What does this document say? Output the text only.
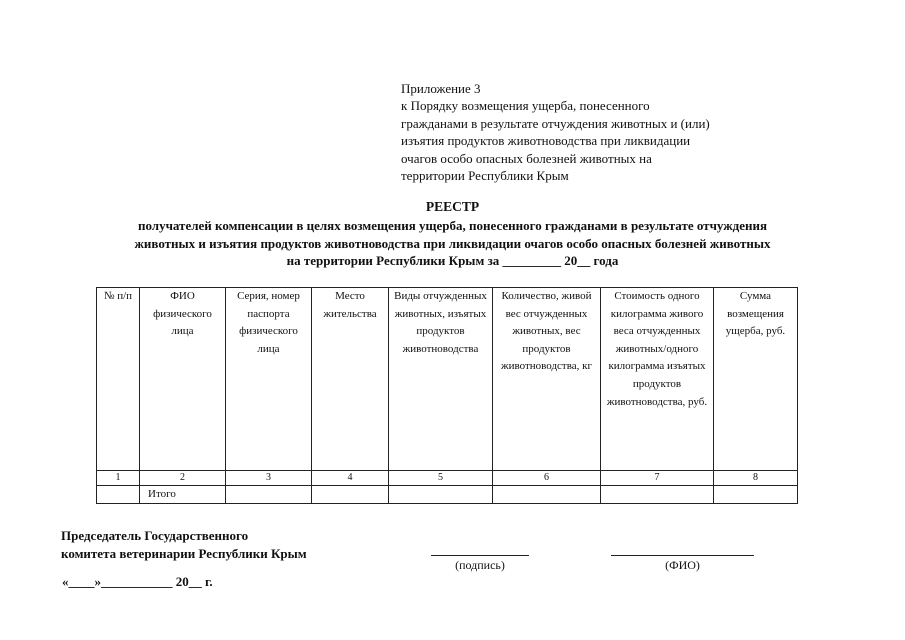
Приложение 3
к Порядку возмещения ущерба, понесенного
гражданами в результате отчуждения животных и (или)
изъятия продуктов животноводства при ликвидации
очагов особо опасных болезней животных на
территории Республики Крым
РЕЕСТР
получателей компенсации в целях возмещения ущерба, понесенного гражданами в результате отчуждения
животных и изъятия продуктов животноводства при ликвидации очагов особо опасных болезней животных
на территории Республики Крым за _________ 20__ года
№ п/п	ФИО физического лица	Серия, номер паспорта физического лица	Место жительства	Виды отчужденных животных, изъятых продуктов животноводства	Количество, живой вес отчужденных животных, вес продуктов животноводства, кг	Стоимость одного килограмма живого веса отчужденных животных/одного килограмма изъятых продуктов животноводства, руб.	Сумма возмещения ущерба, руб.
1	2	3	4	5	6	7	8
	Итого						
Председатель Государственного
комитета ветеринарии Республики Крым
(подпись)	(ФИО)
«____»___________ 20__ г.
